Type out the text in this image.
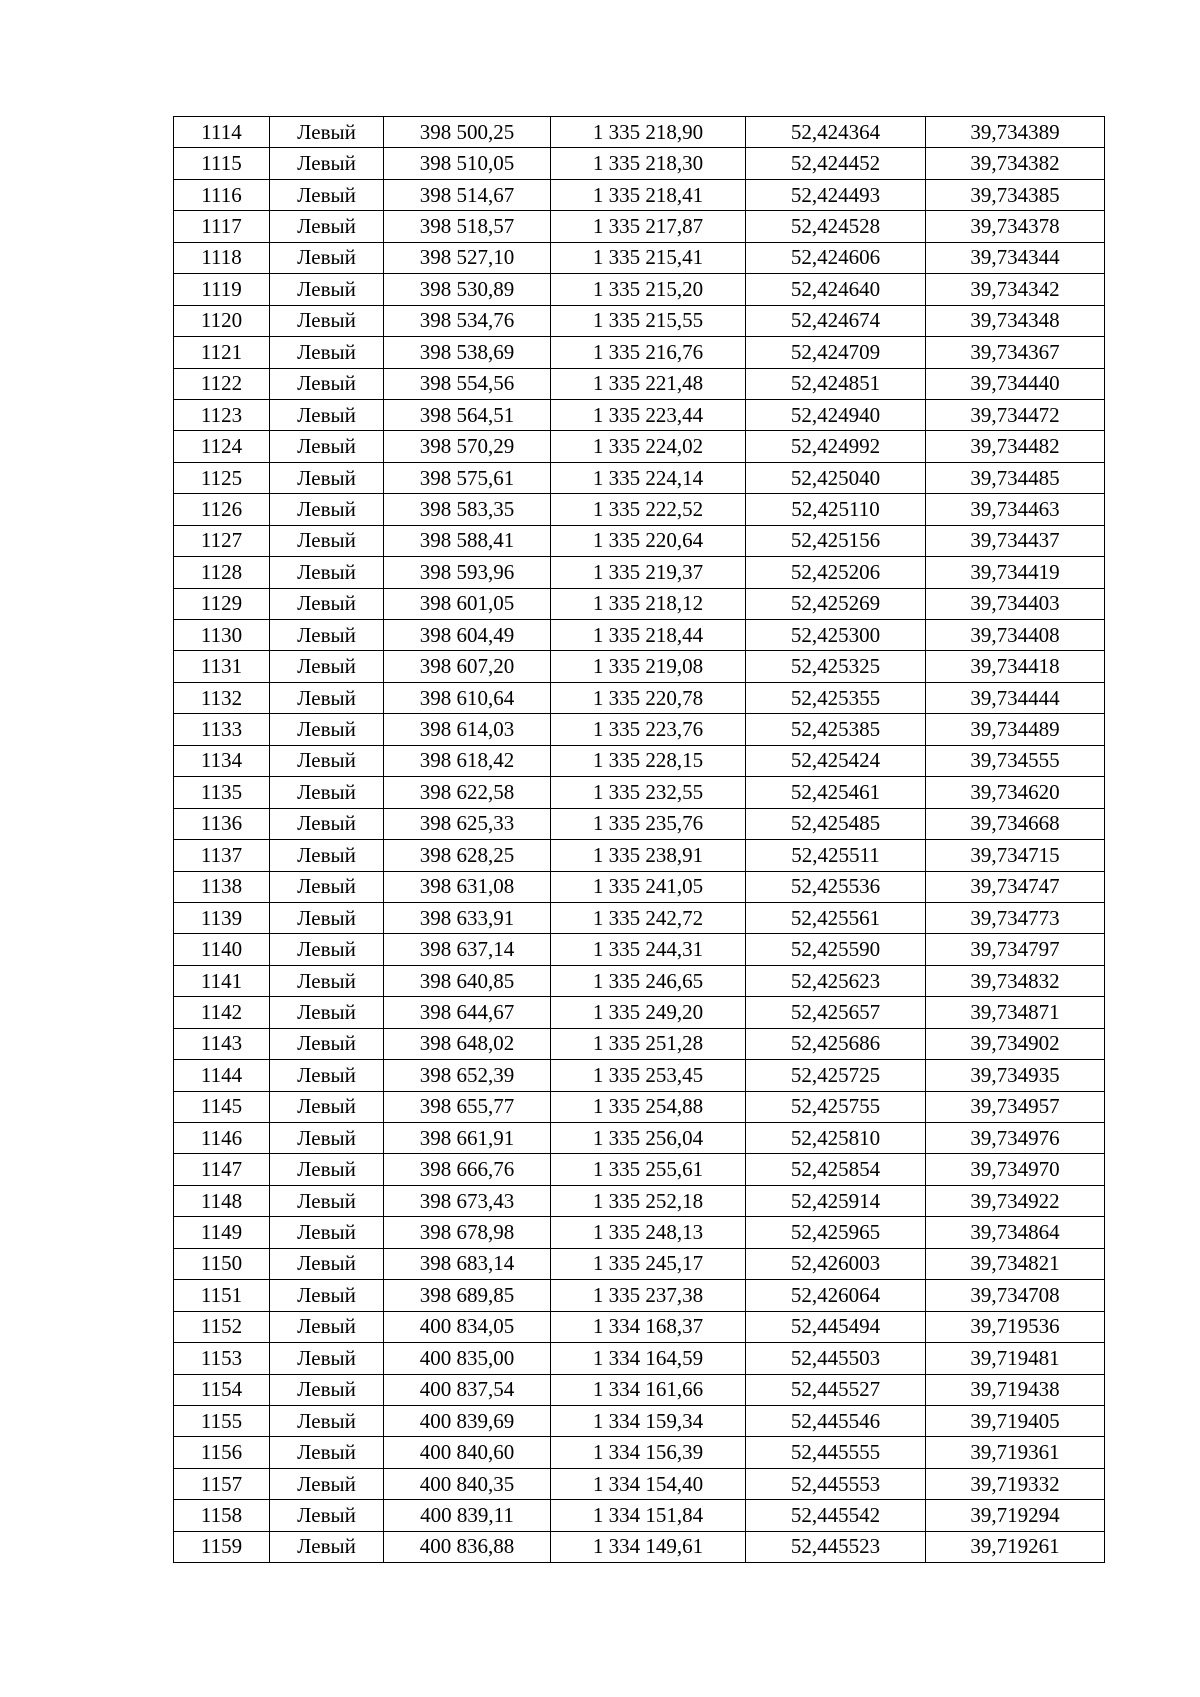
1114	Левый	398 500,25	1 335 218,90	52,424364	39,734389
1115	Левый	398 510,05	1 335 218,30	52,424452	39,734382
1116	Левый	398 514,67	1 335 218,41	52,424493	39,734385
1117	Левый	398 518,57	1 335 217,87	52,424528	39,734378
1118	Левый	398 527,10	1 335 215,41	52,424606	39,734344
1119	Левый	398 530,89	1 335 215,20	52,424640	39,734342
1120	Левый	398 534,76	1 335 215,55	52,424674	39,734348
1121	Левый	398 538,69	1 335 216,76	52,424709	39,734367
1122	Левый	398 554,56	1 335 221,48	52,424851	39,734440
1123	Левый	398 564,51	1 335 223,44	52,424940	39,734472
1124	Левый	398 570,29	1 335 224,02	52,424992	39,734482
1125	Левый	398 575,61	1 335 224,14	52,425040	39,734485
1126	Левый	398 583,35	1 335 222,52	52,425110	39,734463
1127	Левый	398 588,41	1 335 220,64	52,425156	39,734437
1128	Левый	398 593,96	1 335 219,37	52,425206	39,734419
1129	Левый	398 601,05	1 335 218,12	52,425269	39,734403
1130	Левый	398 604,49	1 335 218,44	52,425300	39,734408
1131	Левый	398 607,20	1 335 219,08	52,425325	39,734418
1132	Левый	398 610,64	1 335 220,78	52,425355	39,734444
1133	Левый	398 614,03	1 335 223,76	52,425385	39,734489
1134	Левый	398 618,42	1 335 228,15	52,425424	39,734555
1135	Левый	398 622,58	1 335 232,55	52,425461	39,734620
1136	Левый	398 625,33	1 335 235,76	52,425485	39,734668
1137	Левый	398 628,25	1 335 238,91	52,425511	39,734715
1138	Левый	398 631,08	1 335 241,05	52,425536	39,734747
1139	Левый	398 633,91	1 335 242,72	52,425561	39,734773
1140	Левый	398 637,14	1 335 244,31	52,425590	39,734797
1141	Левый	398 640,85	1 335 246,65	52,425623	39,734832
1142	Левый	398 644,67	1 335 249,20	52,425657	39,734871
1143	Левый	398 648,02	1 335 251,28	52,425686	39,734902
1144	Левый	398 652,39	1 335 253,45	52,425725	39,734935
1145	Левый	398 655,77	1 335 254,88	52,425755	39,734957
1146	Левый	398 661,91	1 335 256,04	52,425810	39,734976
1147	Левый	398 666,76	1 335 255,61	52,425854	39,734970
1148	Левый	398 673,43	1 335 252,18	52,425914	39,734922
1149	Левый	398 678,98	1 335 248,13	52,425965	39,734864
1150	Левый	398 683,14	1 335 245,17	52,426003	39,734821
1151	Левый	398 689,85	1 335 237,38	52,426064	39,734708
1152	Левый	400 834,05	1 334 168,37	52,445494	39,719536
1153	Левый	400 835,00	1 334 164,59	52,445503	39,719481
1154	Левый	400 837,54	1 334 161,66	52,445527	39,719438
1155	Левый	400 839,69	1 334 159,34	52,445546	39,719405
1156	Левый	400 840,60	1 334 156,39	52,445555	39,719361
1157	Левый	400 840,35	1 334 154,40	52,445553	39,719332
1158	Левый	400 839,11	1 334 151,84	52,445542	39,719294
1159	Левый	400 836,88	1 334 149,61	52,445523	39,719261
